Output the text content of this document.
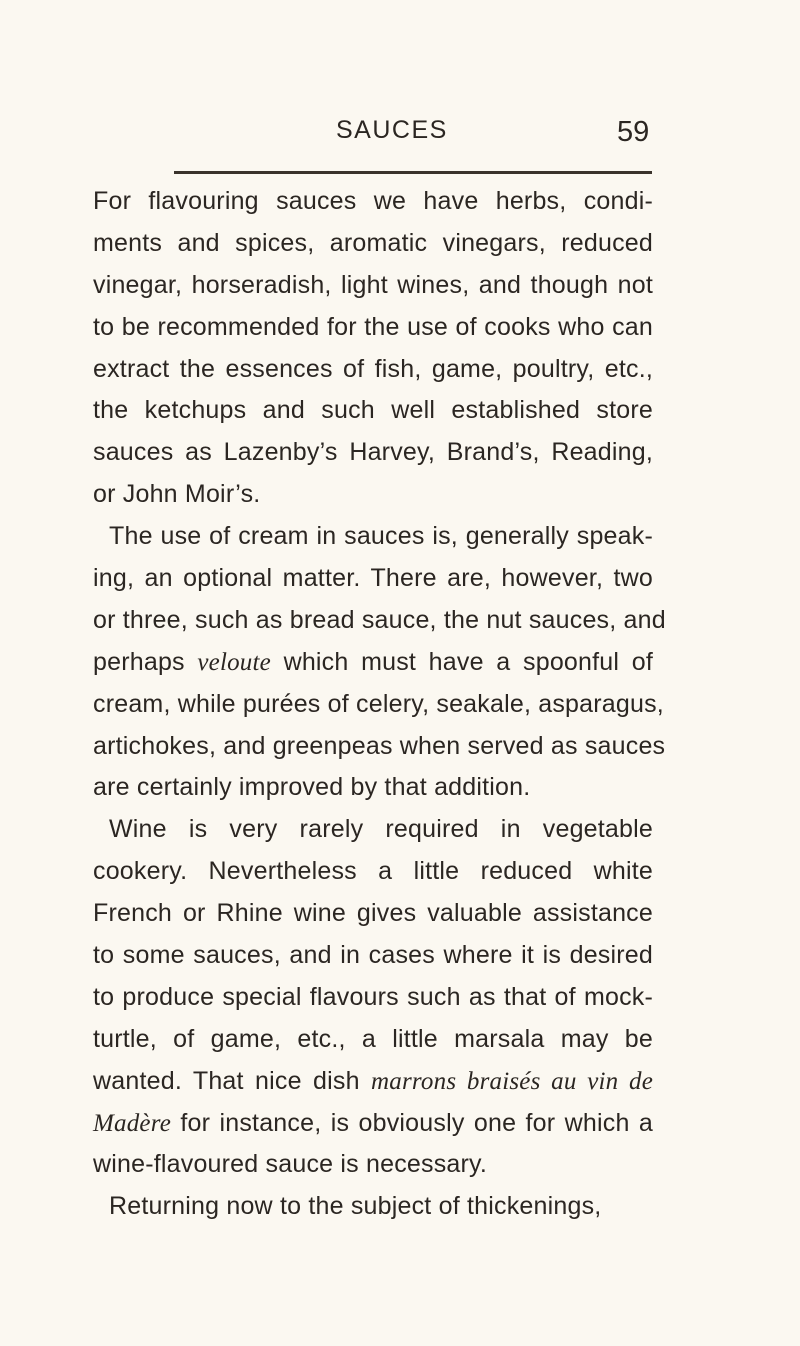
SAUCES	59
For flavouring sauces we have herbs, condi-
ments and spices, aromatic vinegars, reduced
vinegar, horseradish, light wines, and though not
to be recommended for the use of cooks who can
extract the essences of fish, game, poultry, etc.,
the ketchups and such well established store
sauces as Lazenby’s Harvey, Brand’s, Reading,
or John Moir’s.
The use of cream in sauces is, generally speak-
ing, an optional matter. There are, however, two
or three, such as bread sauce, the nut sauces, and
perhaps veloute which must have a spoonful of
cream, while purées of celery, seakale, asparagus,
artichokes, and greenpeas when served as sauces
are certainly improved by that addition.
Wine is very rarely required in vegetable
cookery. Nevertheless a little reduced white
French or Rhine wine gives valuable assistance
to some sauces, and in cases where it is desired
to produce special flavours such as that of mock-
turtle, of game, etc., a little marsala may be
wanted. That nice dish marrons braisés au vin de
Madère for instance, is obviously one for which a
wine-flavoured sauce is necessary.
Returning now to the subject of thickenings,
